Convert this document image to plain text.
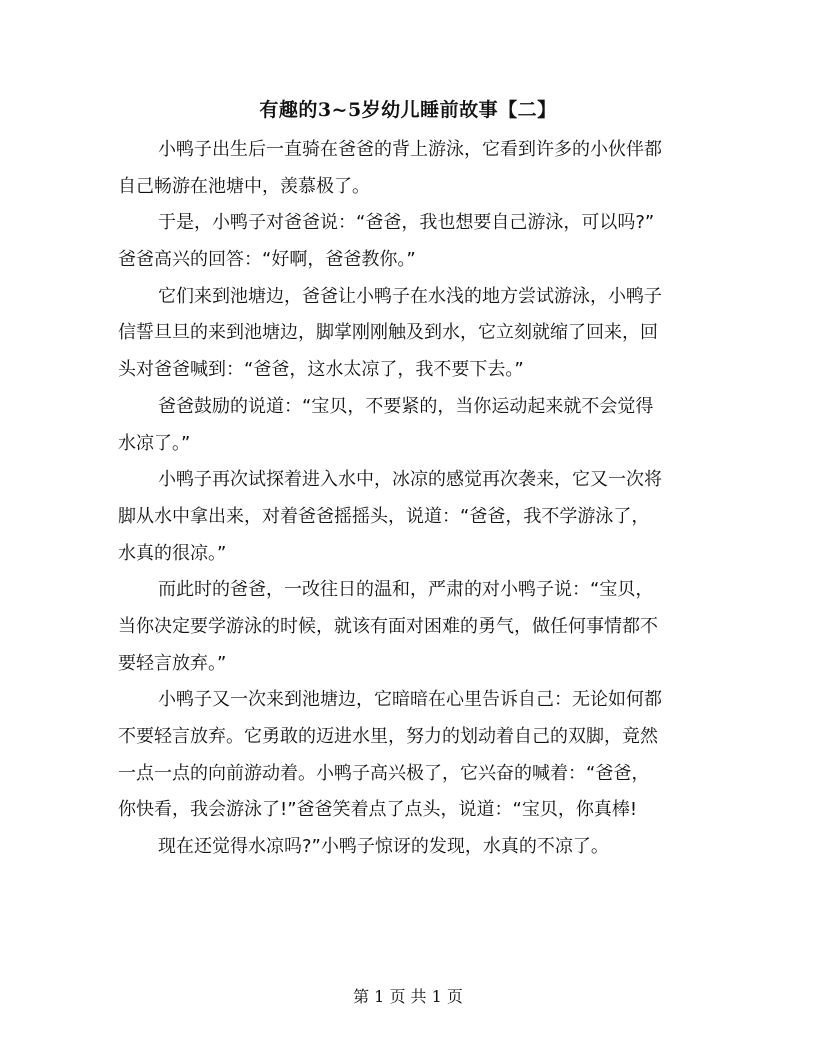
有趣的3~5岁幼儿睡前故事【二】
小鸭子出生后一直骑在爸爸的背上游泳，它看到许多的小伙伴都
自己畅游在池塘中，羡慕极了。
于是，小鸭子对爸爸说：“爸爸，我也想要自己游泳，可以吗?”
爸爸高兴的回答：“好啊，爸爸教你。”
它们来到池塘边，爸爸让小鸭子在水浅的地方尝试游泳，小鸭子
信誓旦旦的来到池塘边，脚掌刚刚触及到水，它立刻就缩了回来，回
头对爸爸喊到：“爸爸，这水太凉了，我不要下去。”
爸爸鼓励的说道：“宝贝，不要紧的，当你运动起来就不会觉得
水凉了。”
小鸭子再次试探着进入水中，冰凉的感觉再次袭来，它又一次将
脚从水中拿出来，对着爸爸摇摇头，说道：“爸爸，我不学游泳了，
水真的很凉。”
而此时的爸爸，一改往日的温和，严肃的对小鸭子说：“宝贝，
当你决定要学游泳的时候，就该有面对困难的勇气，做任何事情都不
要轻言放弃。”
小鸭子又一次来到池塘边，它暗暗在心里告诉自己：无论如何都
不要轻言放弃。它勇敢的迈进水里，努力的划动着自己的双脚，竟然
一点一点的向前游动着。小鸭子高兴极了，它兴奋的喊着：“爸爸，
你快看，我会游泳了!”爸爸笑着点了点头，说道：“宝贝，你真棒!
现在还觉得水凉吗?”小鸭子惊讶的发现，水真的不凉了。
第 1 页 共 1 页
